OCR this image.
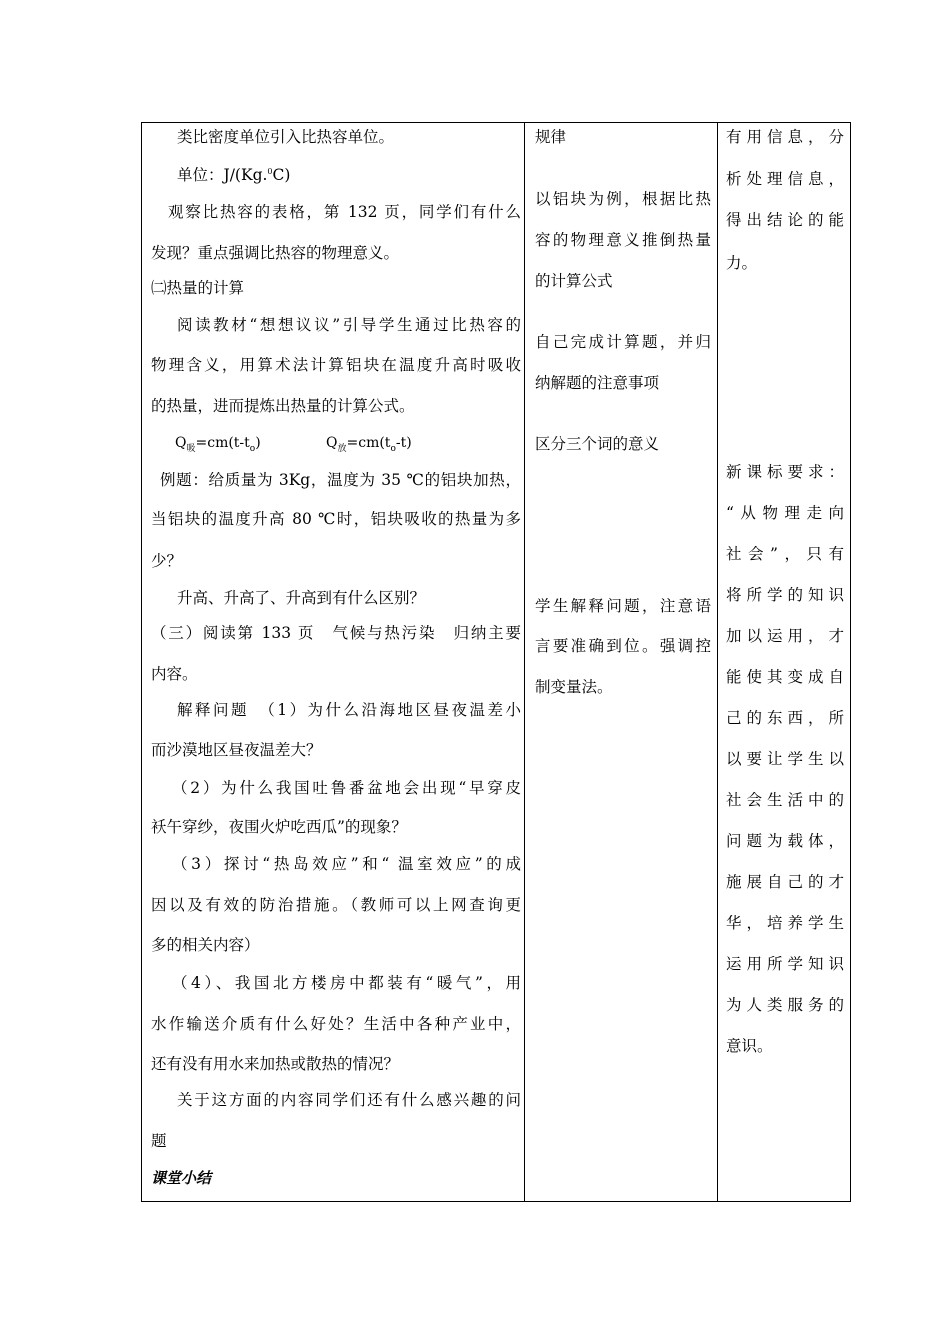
类比密度单位引入比热容单位。

单位：J/(Kg.$^0$C)

观察比热容的表格，第 132 页，同学们有什么

发现？重点强调比热容的物理意义。

㈡热量的计算

阅读教材“想想议议”引导学生通过比热容的

物理含义，用算术法计算铝块在温度升高时吸收

的热量，进而提炼出热量的计算公式。

$Q_吸=cm(t-t_o)$	$Q_放=cm(t_o-t)$

例题：给质量为 3Kg，温度为 35 ℃的铝块加热，

当铝块的温度升高 80 ℃时，铝块吸收的热量为多

少？

升高、升高了、升高到有什么区别？

（三）阅读第 133 页　气候与热污染　归纳主要

内容。

解释问题　（1）为什么沿海地区昼夜温差小

而沙漠地区昼夜温差大？

（2）为什么我国吐鲁番盆地会出现“早穿皮

袄午穿纱，夜围火炉吃西瓜”的现象？

（3）探讨“热岛效应”和“ 温室效应”的成

因以及有效的防治措施。（教师可以上网查询更

多的相关内容）

（4）、我国北方楼房中都装有“暖气”，用

水作输送介质有什么好处？生活中各种产业中，

还有没有用水来加热或散热的情况？

关于这方面的内容同学们还有什么感兴趣的问

题

课堂小结

规律

以铝块为例，根据比热

容的物理意义推倒热量

的计算公式

自己完成计算题，并归

纳解题的注意事项

区分三个词的意义

学生解释问题，注意语

言要准确到位。强调控

制变量法。

有用信息，分

析处理信息，

得出结论的能

力。

新课标要求：

“从物理走向

社会”，只有

将所学的知识

加以运用，才

能使其变成自

己的东西，所

以要让学生以

社会生活中的

问题为载体，

施展自己的才

华，培养学生

运用所学知识

为人类服务的

意识。
